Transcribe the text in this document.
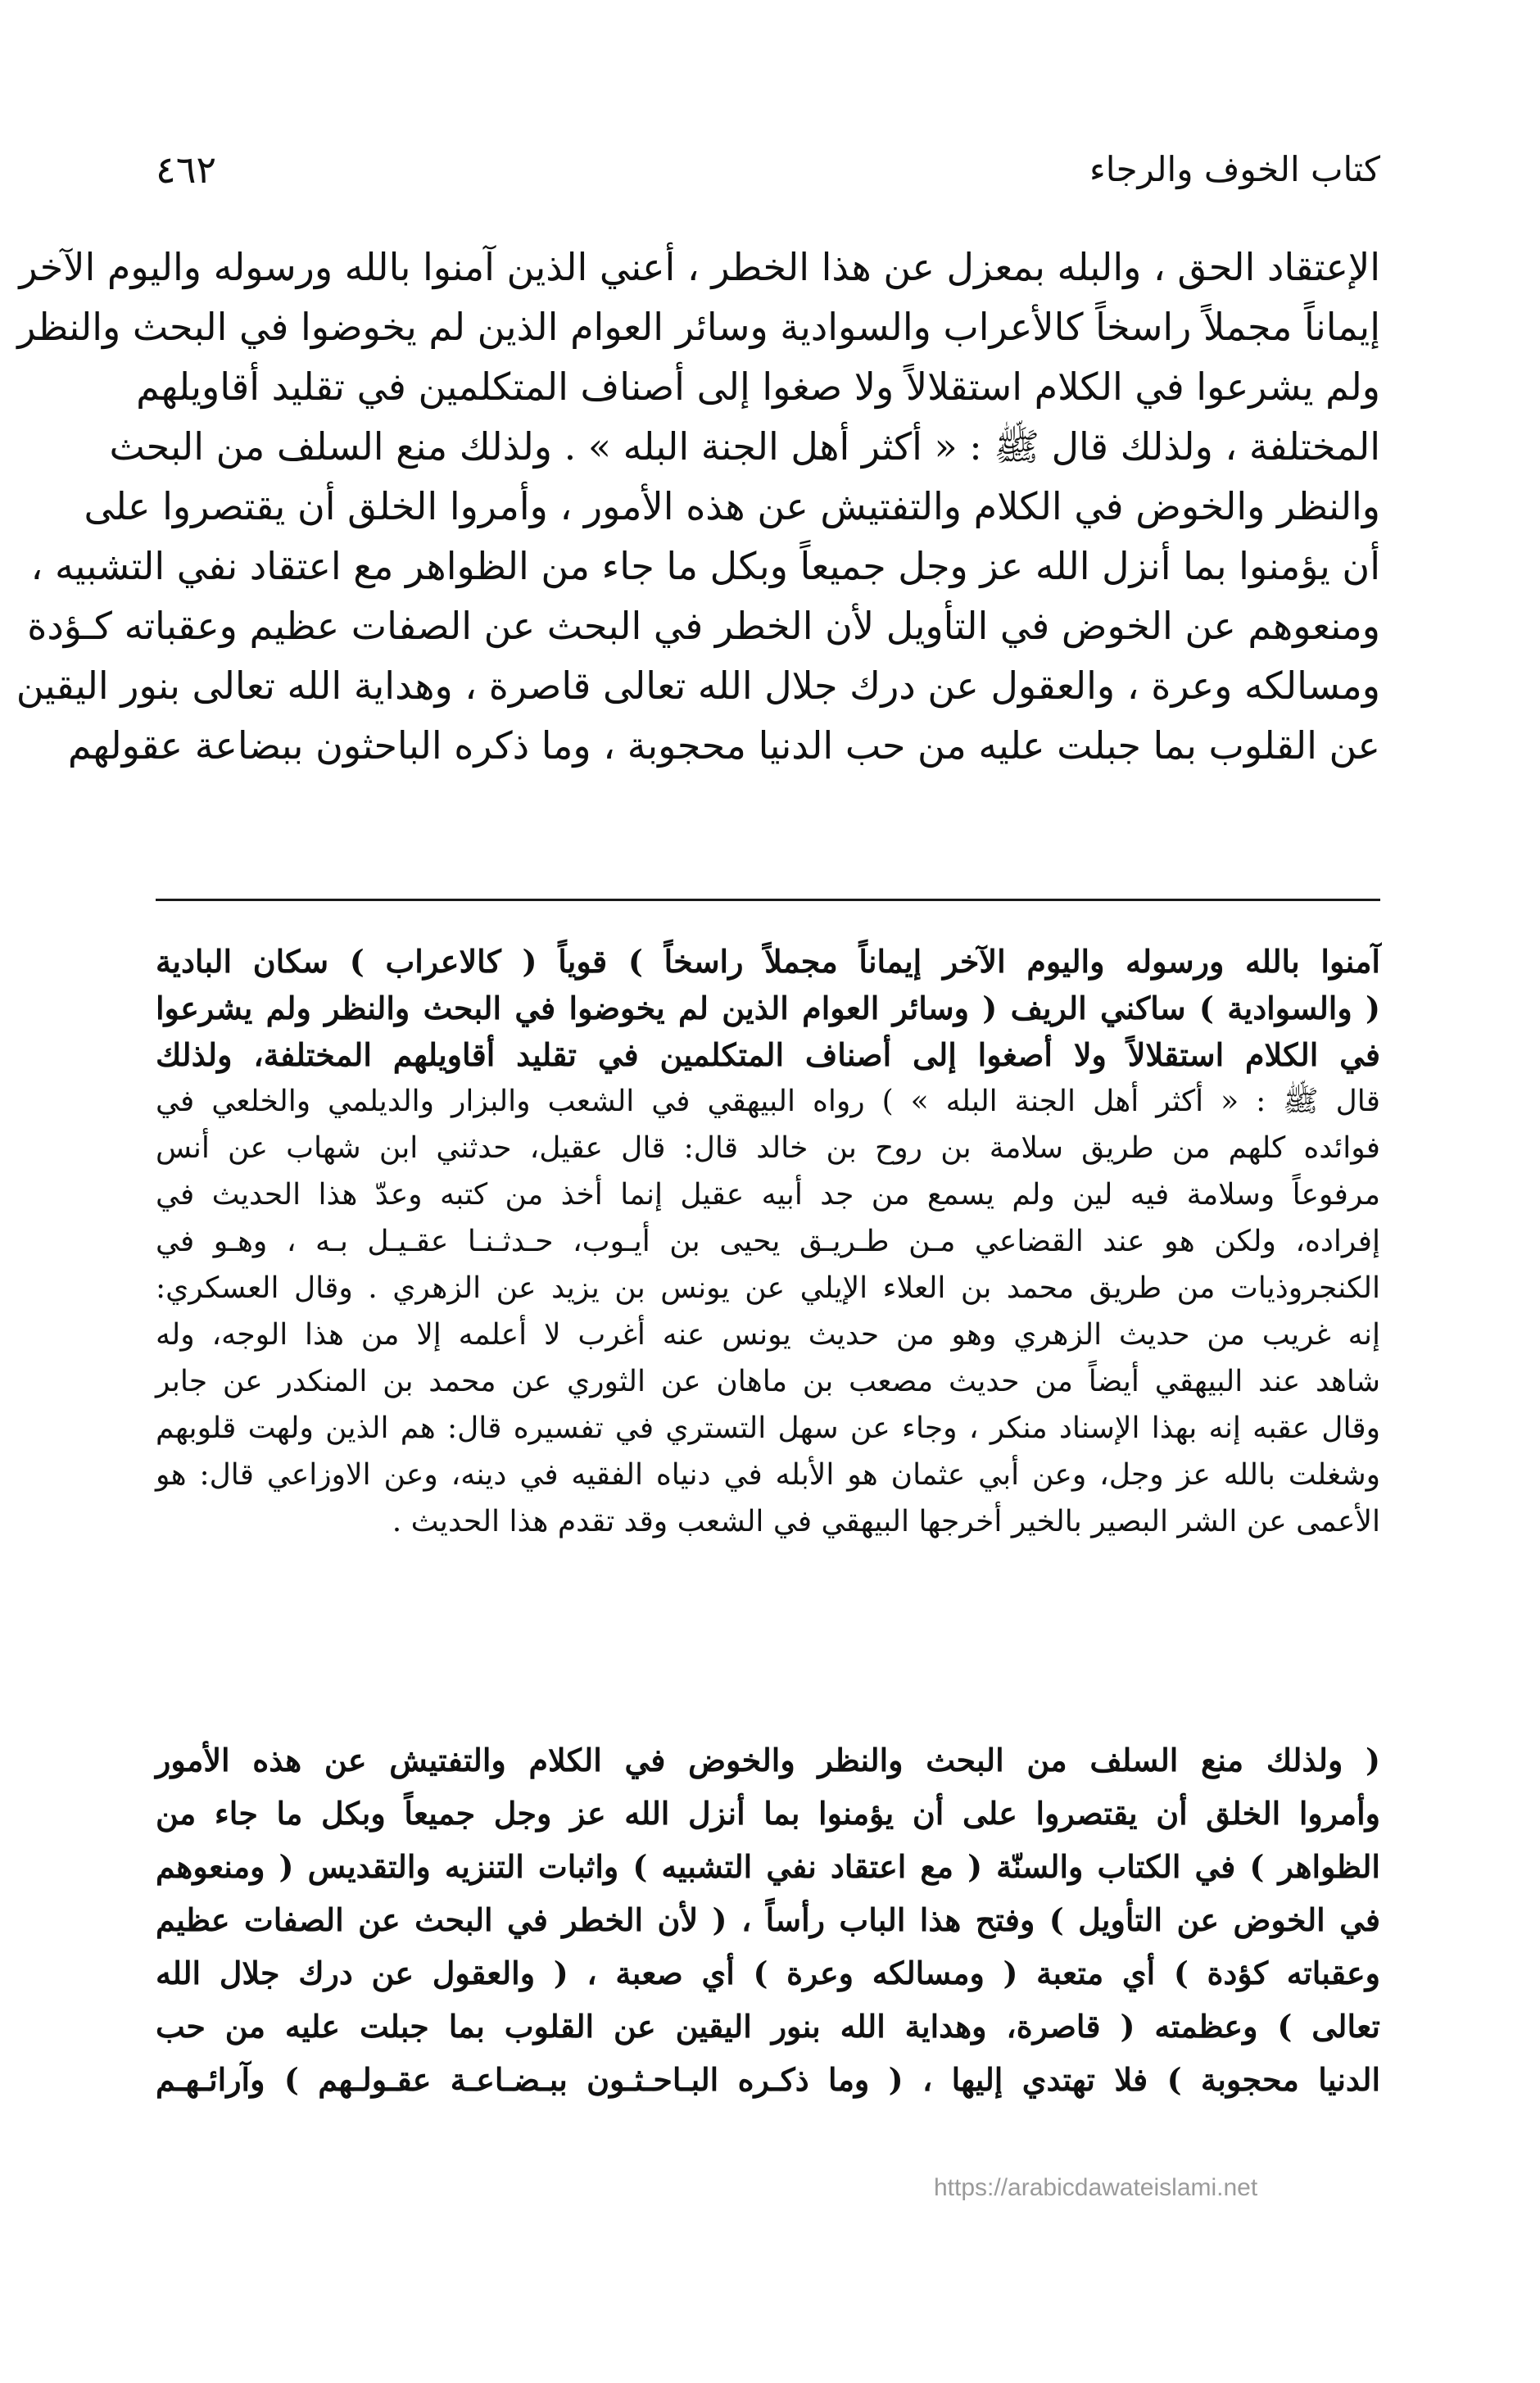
كتاب الخوف والرجاء
٤٦٢
الإعتقاد الحق ، والبله بمعزل عن هذا الخطر ، أعني الذين آمنوا بالله ورسوله واليوم الآخر
إيماناً مجملاً راسخاً كالأعراب والسوادية وسائر العوام الذين لم يخوضوا في البحث والنظر
ولم يشرعوا في الكلام استقلالاً ولا صغوا إلى أصناف المتكلمين في تقليد أقاويلهم
المختلفة ، ولذلك قال ﷺ : « أكثر أهل الجنة البله » . ولذلك منع السلف من البحث
والنظر والخوض في الكلام والتفتيش عن هذه الأمور ، وأمروا الخلق أن يقتصروا على
أن يؤمنوا بما أنزل الله عز وجل جميعاً وبكل ما جاء من الظواهر مع اعتقاد نفي التشبيه ،
ومنعوهم عن الخوض في التأويل لأن الخطر في البحث عن الصفات عظيم وعقباته كـؤدة
ومسالكه وعرة ، والعقول عن درك جلال الله تعالى قاصرة ، وهداية الله تعالى بنور اليقين
عن القلوب بما جبلت عليه من حب الدنيا محجوبة ، وما ذكره الباحثون ببضاعة عقولهم
آمنوا بالله ورسوله واليوم الآخر إيماناً مجملاً راسخاً ) قوياً ( كالاعراب ) سكان البادية
( والسوادية ) ساكني الريف ( وسائر العوام الذين لم يخوضوا في البحث والنظر ولم يشرعوا
في الكلام استقلالاً ولا أصغوا إلى أصناف المتكلمين في تقليد أقاويلهم المختلفة، ولذلك
قال ﷺ : « أكثر أهل الجنة البله » ) رواه البيهقي في الشعب والبزار والديلمي والخلعي في
فوائده كلهم من طريق سلامة بن روح بن خالد قال: قال عقيل، حدثني ابن شهاب عن أنس
مرفوعاً وسلامة فيه لين ولم يسمع من جد أبيه عقيل إنما أخذ من كتبه وعدّ هذا الحديث في
إفراده، ولكن هو عند القضاعي مـن طـريـق يحيى بن أيـوب، حـدثـنـا عقـيـل بـه ، وهـو في
الكنجروذيات من طريق محمد بن العلاء الإيلي عن يونس بن يزيد عن الزهري . وقال العسكري:
إنه غريب من حديث الزهري وهو من حديث يونس عنه أغرب لا أعلمه إلا من هذا الوجه، وله
شاهد عند البيهقي أيضاً من حديث مصعب بن ماهان عن الثوري عن محمد بن المنكدر عن جابر
وقال عقبه إنه بهذا الإسناد منكر ، وجاء عن سهل التستري في تفسيره قال: هم الذين ولهت قلوبهم
وشغلت بالله عز وجل، وعن أبي عثمان هو الأبله في دنياه الفقيه في دينه، وعن الاوزاعي قال: هو
الأعمى عن الشر البصير بالخير أخرجها البيهقي في الشعب وقد تقدم هذا الحديث .
( ولذلك منع السلف من البحث والنظر والخوض في الكلام والتفتيش عن هذه الأمور
وأمروا الخلق أن يقتصروا على أن يؤمنوا بما أنزل الله عز وجل جميعاً وبكل ما جاء من
الظواهر ) في الكتاب والسنّة ( مع اعتقاد نفي التشبيه ) واثبات التنزيه والتقديس ( ومنعوهم
في الخوض عن التأويل ) وفتح هذا الباب رأساً ، ( لأن الخطر في البحث عن الصفات عظيم
وعقباته كؤدة ) أي متعبة ( ومسالكه وعرة ) أي صعبة ، ( والعقول عن درك جلال الله
تعالى ) وعظمته ( قاصرة، وهداية الله بنور اليقين عن القلوب بما جبلت عليه من حب
الدنيا محجوبة ) فلا تهتدي إليها ، ( وما ذكـره البـاحـثـون ببـضـاعـة عقـولـهم ) وآرائـهـم
https://arabicdawateislami.net
